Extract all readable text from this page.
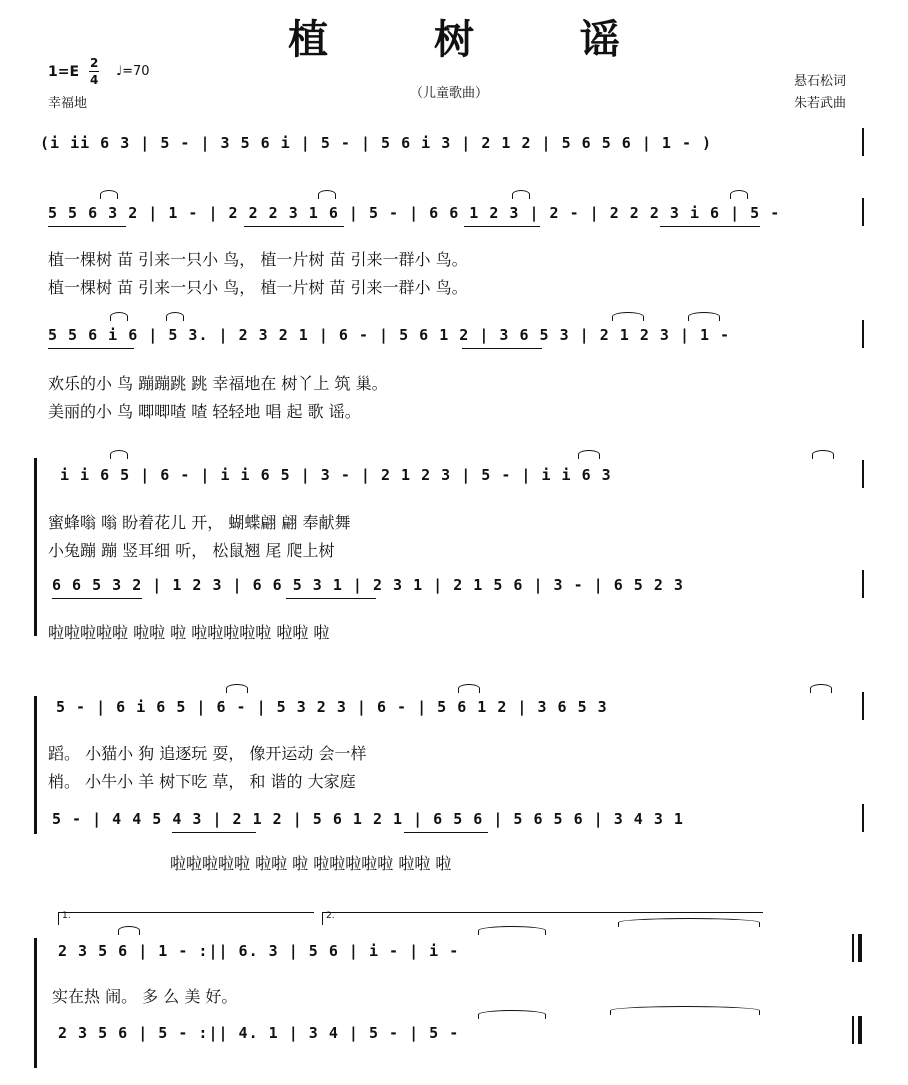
植 树 谣
1=E
2
4
♩=70
幸福地
（儿童歌曲）
悬石松词
朱若武曲
(i ii 6 3 | 5 - | 3 5 6 i | 5 - | 5 6 i 3 | 2 1 2 | 5 6 5 6 | 1 - )
5 5 6 3 2 | 1 - | 2 2 2 3 1 6 | 5 - | 6 6 1 2 3 | 2 - | 2 2 2 3 i 6 | 5 -
植一棵树 苗 引来一只小 鸟， 植一片树 苗 引来一群小 鸟。
植一棵树 苗 引来一只小 鸟， 植一片树 苗 引来一群小 鸟。
5 5 6 i 6 | 5 3. | 2 3 2 1 | 6 - | 5 6 1 2 | 3 6 5 3 | 2 1 2 3 | 1 -
欢乐的小 鸟 蹦蹦跳 跳 幸福地在 树丫上 筑 巢。
美丽的小 鸟 唧唧喳 喳 轻轻地 唱 起 歌 谣。
i i 6 5 | 6 - | i i 6 5 | 3 - | 2 1 2 3 | 5 - | i i 6 3
蜜蜂嗡 嗡 盼着花儿 开， 蝴蝶翩 翩 奉献舞
小兔蹦 蹦 竖耳细 听， 松鼠翘 尾 爬上树
6 6 5 3 2 | 1 2 3 | 6 6 5 3 1 | 2 3 1 | 2 1 5 6 | 3 - | 6 5 2 3
啦啦啦啦啦 啦啦 啦 啦啦啦啦啦 啦啦 啦
5 - | 6 i 6 5 | 6 - | 5 3 2 3 | 6 - | 5 6 1 2 | 3 6 5 3
蹈。 小猫小 狗 追逐玩 耍， 像开运动 会一样
梢。 小牛小 羊 树下吃 草， 和 谐的 大家庭
5 - | 4 4 5 4 3 | 2 1 2 | 5 6 1 2 1 | 6 5 6 | 5 6 5 6 | 3 4 3 1
啦啦啦啦啦 啦啦 啦 啦啦啦啦啦 啦啦 啦
1.	2.
2 3 5 6 | 1 - :|| 6. 3 | 5 6 | i - | i -
实在热 闹。 多 么 美 好。
2 3 5 6 | 5 - :|| 4. 1 | 3 4 | 5 - | 5 -
